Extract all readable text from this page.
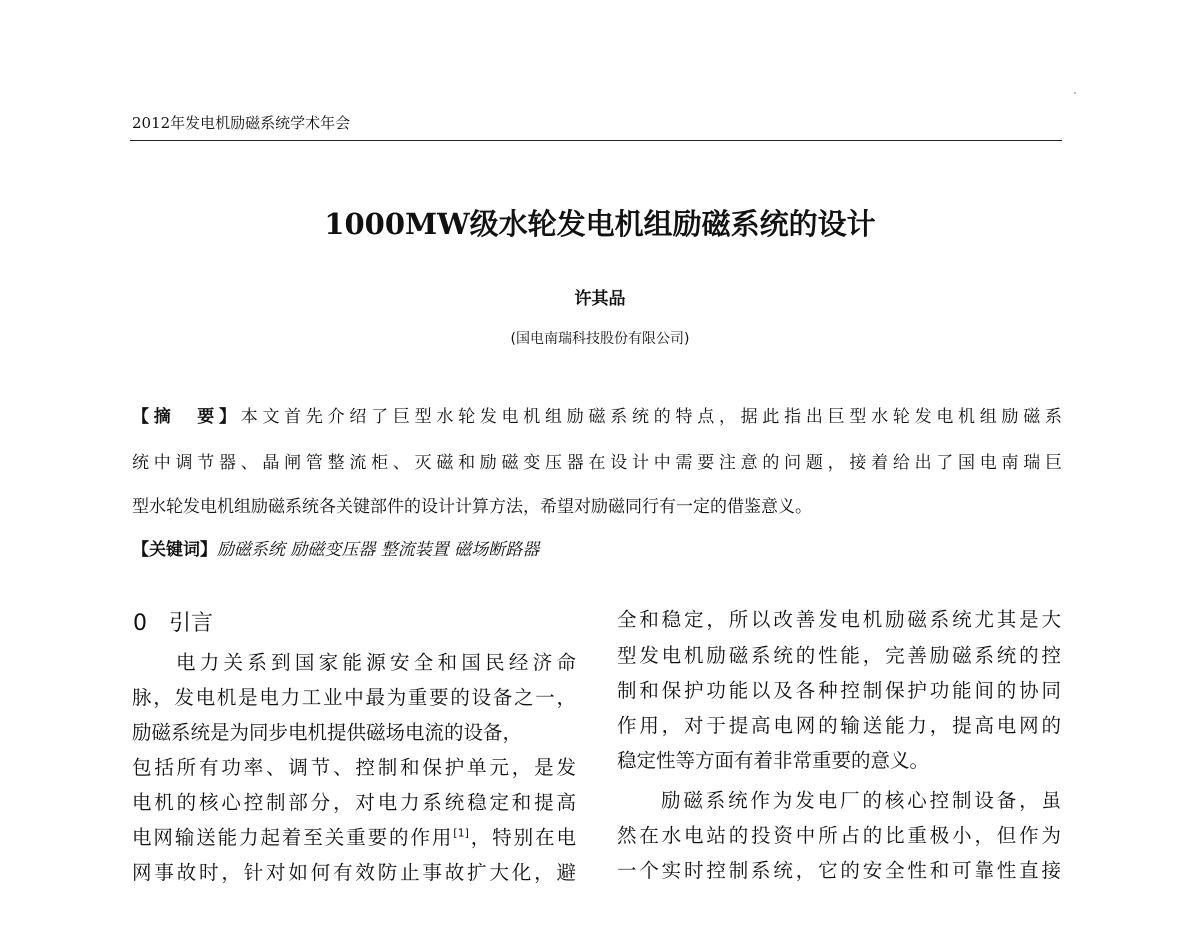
2012年发电机励磁系统学术年会
1000MW级水轮发电机组励磁系统的设计
许其品
(国电南瑞科技股份有限公司)
【摘　要】本文首先介绍了巨型水轮发电机组励磁系统的特点，据此指出巨型水轮发电机组励磁系
统中调节器、晶闸管整流柜、灭磁和励磁变压器在设计中需要注意的问题，接着给出了国电南瑞巨
型水轮发电机组励磁系统各关键部件的设计计算方法，希望对励磁同行有一定的借鉴意义。
【关键词】励磁系统 励磁变压器 整流装置 磁场断路器
0 引言
电力关系到国家能源安全和国民经济命
脉，发电机是电力工业中最为重要的设备之一，
励磁系统是为同步电机提供磁场电流的设备，
包括所有功率、调节、控制和保护单元，是发
电机的核心控制部分，对电力系统稳定和提高
电网输送能力起着至关重要的作用[1]，特别在电
网事故时，针对如何有效防止事故扩大化，避
全和稳定，所以改善发电机励磁系统尤其是大
型发电机励磁系统的性能，完善励磁系统的控
制和保护功能以及各种控制保护功能间的协同
作用，对于提高电网的输送能力，提高电网的
稳定性等方面有着非常重要的意义。
励磁系统作为发电厂的核心控制设备，虽
然在水电站的投资中所占的比重极小，但作为
一个实时控制系统，它的安全性和可靠性直接
